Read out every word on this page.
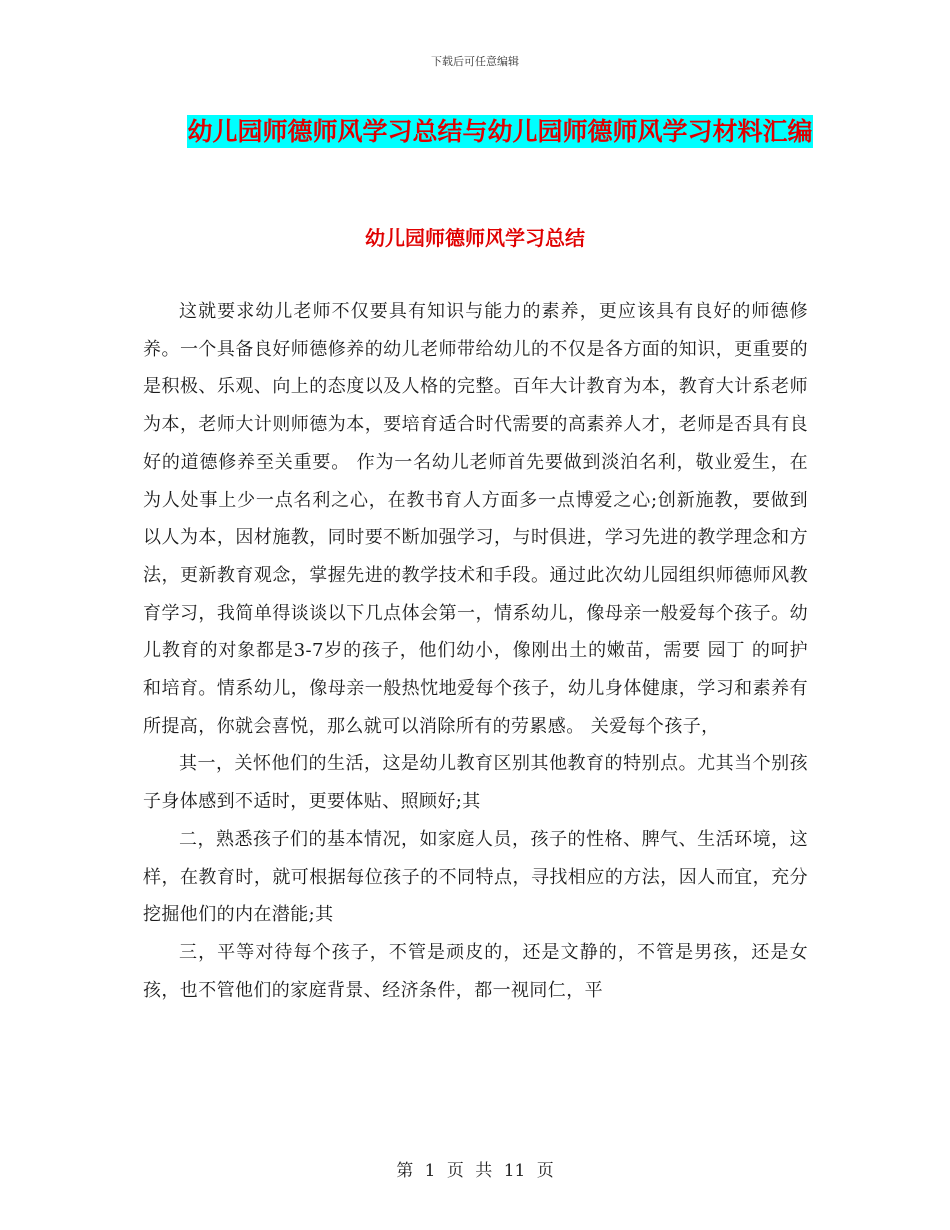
下载后可任意编辑
幼儿园师德师风学习总结与幼儿园师德师风学习材料汇编
幼儿园师德师风学习总结

这就要求幼儿老师不仅要具有知识与能力的素养，更应该具有良好的师德修养。一个具备良好师德修养的幼儿老师带给幼儿的不仅是各方面的知识，更重要的是积极、乐观、向上的态度以及人格的完整。百年大计教育为本，教育大计系老师为本，老师大计则师德为本，要培育适合时代需要的高素养人才，老师是否具有良好的道德修养至关重要。 作为一名幼儿老师首先要做到淡泊名利，敬业爱生，在为人处事上少一点名利之心，在教书育人方面多一点博爱之心;创新施教，要做到以人为本，因材施教，同时要不断加强学习，与时俱进，学习先进的教学理念和方法，更新教育观念，掌握先进的教学技术和手段。通过此次幼儿园组织师德师风教育学习，我简单得谈谈以下几点体会第一，情系幼儿，像母亲一般爱每个孩子。幼儿教育的对象都是3-7岁的孩子，他们幼小，像刚出土的嫩苗，需要 园丁 的呵护和培育。情系幼儿，像母亲一般热忱地爱每个孩子，幼儿身体健康，学习和素养有所提高，你就会喜悦，那么就可以消除所有的劳累感。 关爱每个孩子，

其一，关怀他们的生活，这是幼儿教育区别其他教育的特别点。尤其当个别孩子身体感到不适时，更要体贴、照顾好;其

二，熟悉孩子们的基本情况，如家庭人员，孩子的性格、脾气、生活环境，这样，在教育时，就可根据每位孩子的不同特点，寻找相应的方法，因人而宜，充分挖掘他们的内在潜能;其

三，平等对待每个孩子，不管是顽皮的，还是文静的，不管是男孩，还是女孩，也不管他们的家庭背景、经济条件，都一视同仁，平

第 1 页 共 11 页
